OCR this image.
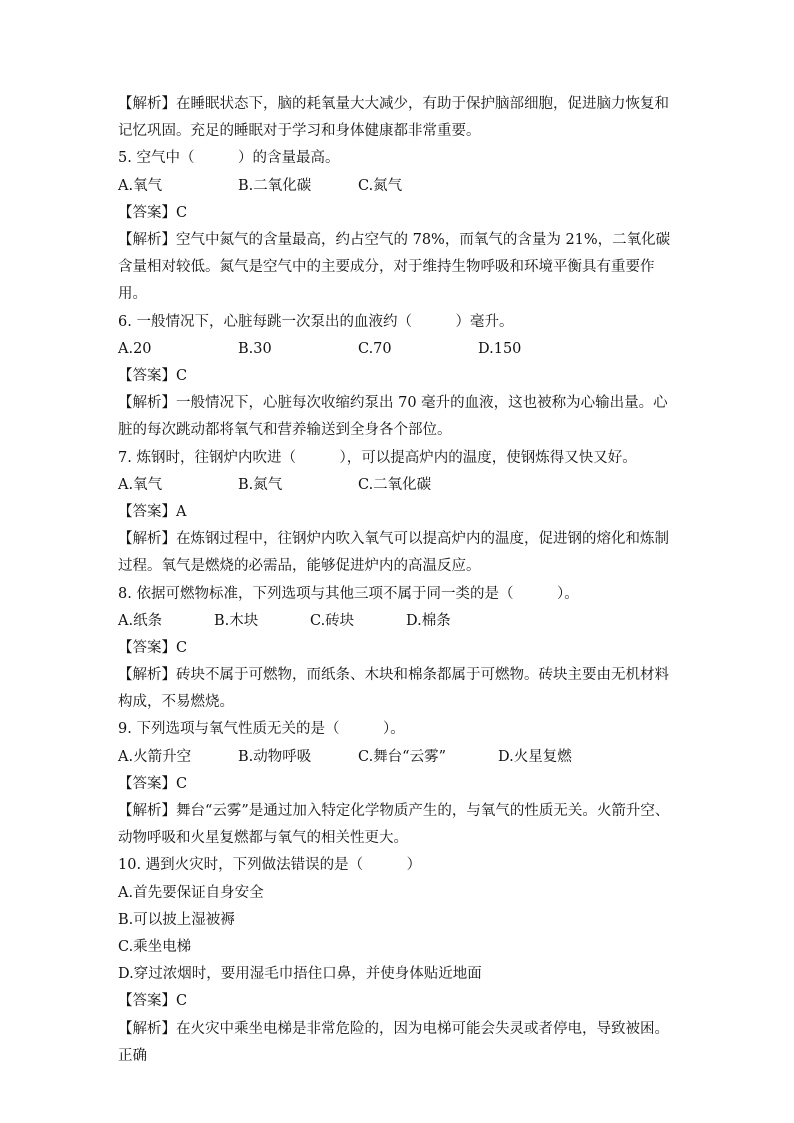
【解析】在睡眠状态下，脑的耗氧量大大减少，有助于保护脑部细胞，促进脑力恢复和记忆巩固。充足的睡眠对于学习和身体健康都非常重要。
5. 空气中（　　　）的含量最高。
A.氧气	B.二氧化碳	C.氮气
【答案】C
【解析】空气中氮气的含量最高，约占空气的 78%，而氧气的含量为 21%，二氧化碳含量相对较低。氮气是空气中的主要成分，对于维持生物呼吸和环境平衡具有重要作用。
6. 一般情况下，心脏每跳一次泵出的血液约（　　　）毫升。
A.20	B.30	C.70	D.150
【答案】C
【解析】一般情况下，心脏每次收缩约泵出 70 毫升的血液，这也被称为心输出量。心脏的每次跳动都将氧气和营养输送到全身各个部位。
7. 炼钢时，往钢炉内吹进（　　　），可以提高炉内的温度，使钢炼得又快又好。
A.氧气	B.氮气	C.二氧化碳
【答案】A
【解析】在炼钢过程中，往钢炉内吹入氧气可以提高炉内的温度，促进钢的熔化和炼制过程。氧气是燃烧的必需品，能够促进炉内的高温反应。
8. 依据可燃物标准，下列选项与其他三项不属于同一类的是（　　　）。
A.纸条	B.木块	C.砖块	D.棉条
【答案】C
【解析】砖块不属于可燃物，而纸条、木块和棉条都属于可燃物。砖块主要由无机材料构成，不易燃烧。
9. 下列选项与氧气性质无关的是（　　　）。
A.火箭升空	B.动物呼吸	C.舞台“云雾”	D.火星复燃
【答案】C
【解析】舞台“云雾”是通过加入特定化学物质产生的，与氧气的性质无关。火箭升空、动物呼吸和火星复燃都与氧气的相关性更大。
10. 遇到火灾时，下列做法错误的是（　　　）
A.首先要保证自身安全
B.可以披上湿被褥
C.乘坐电梯
D.穿过浓烟时，要用湿毛巾捂住口鼻，并使身体贴近地面
【答案】C
【解析】在火灾中乘坐电梯是非常危险的，因为电梯可能会失灵或者停电，导致被困。正确
